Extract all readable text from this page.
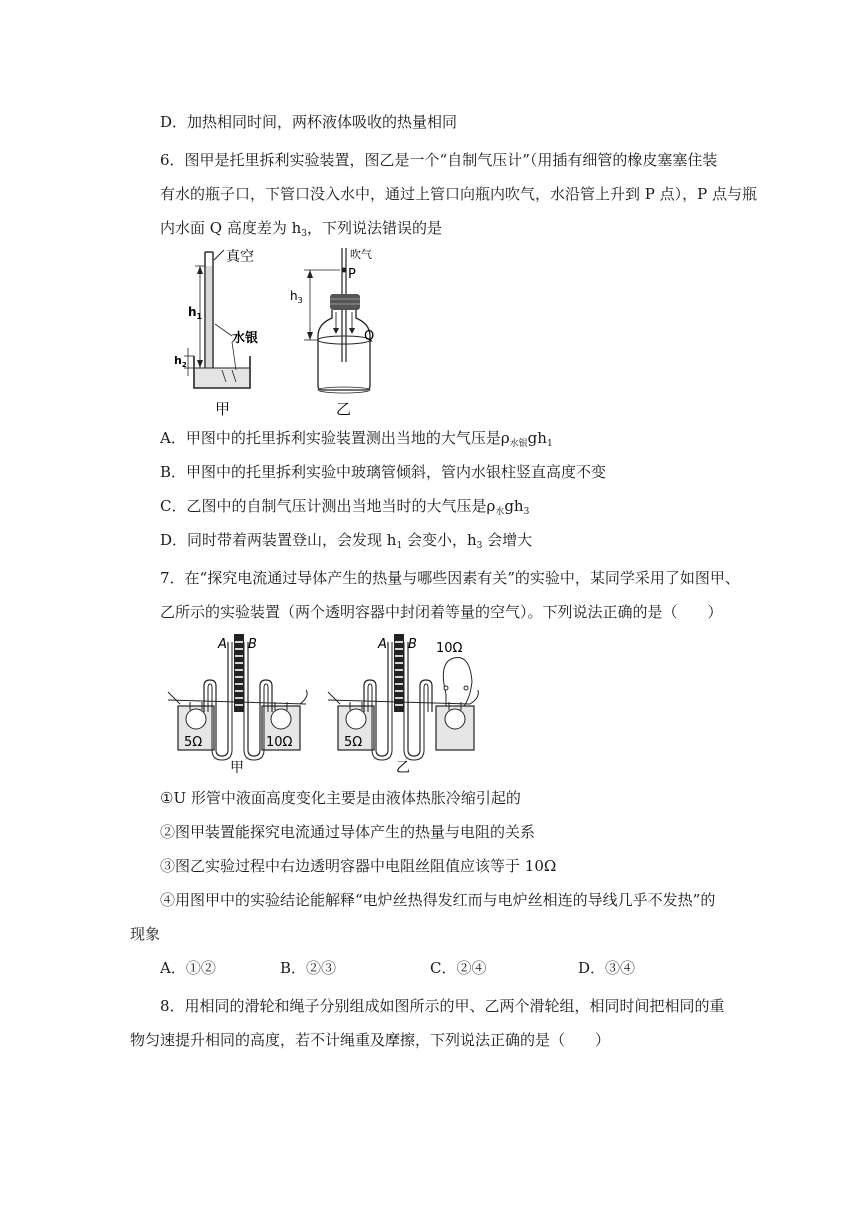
D．加热相同时间，两杯液体吸收的热量相同
6．图甲是托里拆利实验装置，图乙是一个“自制气压计”（用插有细管的橡皮塞塞住装
有水的瓶子口，下管口没入水中，通过上管口向瓶内吹气，水沿管上升到 P 点），P 点与瓶
内水面 Q 高度差为 $h_3$，下列说法错误的是
真空
$h_1$
$h_2$
水银
甲
$h_3$
吹气
P
Q
乙
A．甲图中的托里拆利实验装置测出当地的大气压是$\rho_{水银}gh_1$
B．甲图中的托里拆利实验中玻璃管倾斜，管内水银柱竖直高度不变
C．乙图中的自制气压计测出当地当时的大气压是$\rho_水gh_3$
D．同时带着两装置登山，会发现 $h_1$ 会变小，$h_3$ 会增大
7．在“探究电流通过导体产生的热量与哪些因素有关”的实验中，某同学采用了如图甲、
乙所示的实验装置（两个透明容器中封闭着等量的空气）。下列说法正确的是（　　）
A B
5Ω	10Ω
甲
A B 10Ω
5Ω
乙
①U 形管中液面高度变化主要是由液体热胀冷缩引起的
②图甲装置能探究电流通过导体产生的热量与电阻的关系
③图乙实验过程中右边透明容器中电阻丝阻值应该等于 10Ω
④用图甲中的实验结论能解释“电炉丝热得发红而与电炉丝相连的导线几乎不发热”的
现象
A．①②	B．②③	C．②④	D．③④
8．用相同的滑轮和绳子分别组成如图所示的甲、乙两个滑轮组，相同时间把相同的重
物匀速提升相同的高度，若不计绳重及摩擦，下列说法正确的是（　　）
